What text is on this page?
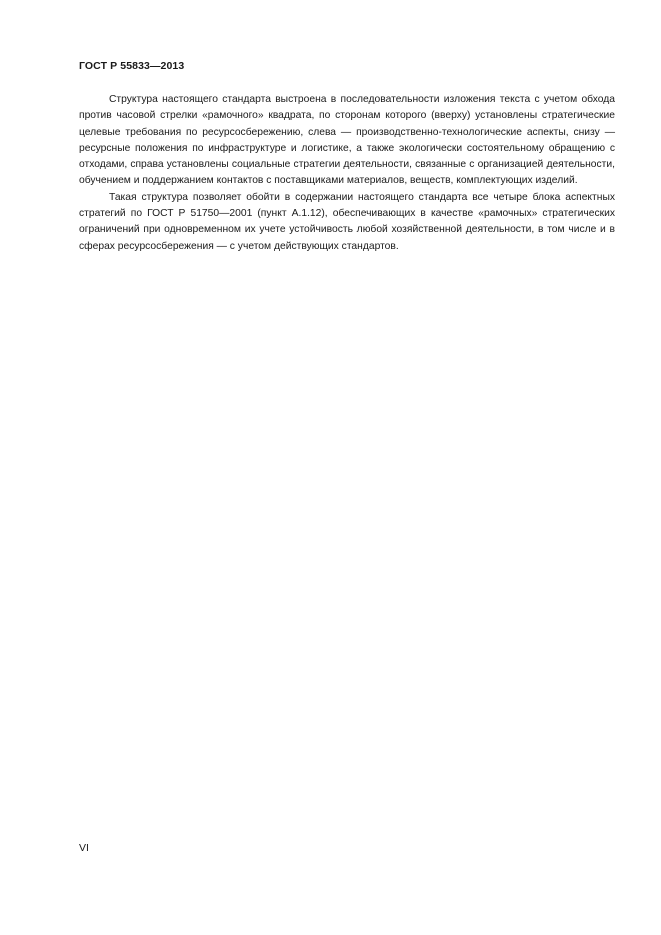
ГОСТ Р 55833—2013

Структура настоящего стандарта выстроена в последовательности изложения текста с учетом обхода против часовой стрелки «рамочного» квадрата, по сторонам которого (вверху) установлены стратегические целевые требования по ресурсосбережению, слева — производственно-технологические аспекты, снизу — ресурсные положения по инфраструктуре и логистике, а также экологически состоятельному обращению с отходами, справа установлены социальные стратегии деятельности, связанные с организацией деятельности, обучением и поддержанием контактов с поставщиками материалов, веществ, комплектующих изделий.

Такая структура позволяет обойти в содержании настоящего стандарта все четыре блока аспектных стратегий по ГОСТ Р 51750—2001 (пункт А.1.12), обеспечивающих в качестве «рамочных» стратегических ограничений при одновременном их учете устойчивость любой хозяйственной деятельности, в том числе и в сферах ресурсосбережения — с учетом действующих стандартов.

VI
